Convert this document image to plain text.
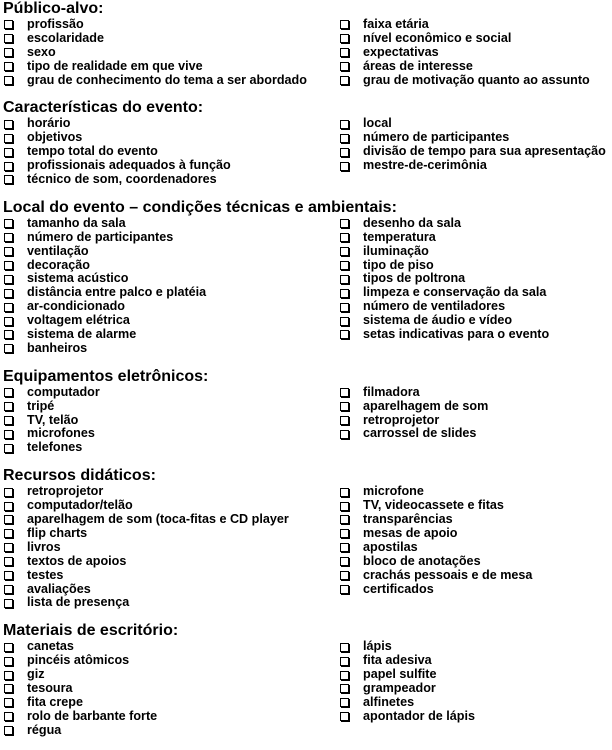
Público-alvo:
profissão
escolaridade
sexo
tipo de realidade em que vive
grau de conhecimento do tema a ser abordado
faixa etária
nível econômico e social
expectativas
áreas de interesse
grau de motivação quanto ao assunto
Características do evento:
horário
objetivos
tempo total do evento
profissionais adequados à função
técnico de som, coordenadores
local
número de participantes
divisão de tempo para sua apresentação
mestre-de-cerimônia
Local do evento – condições técnicas e ambientais:
tamanho da sala
número de participantes
ventilação
decoração
sistema acústico
distância entre palco e platéia
ar-condicionado
voltagem elétrica
sistema de alarme
banheiros
desenho da sala
temperatura
iluminação
tipo de piso
tipos de poltrona
limpeza e conservação da sala
número de ventiladores
sistema de áudio e vídeo
setas indicativas para o evento
Equipamentos eletrônicos:
computador
tripé
TV, telão
microfones
telefones
filmadora
aparelhagem de som
retroprojetor
carrossel de slides
Recursos didáticos:
retroprojetor
computador/telão
aparelhagem de som (toca-fitas e CD player
flip charts
livros
textos de apoios
testes
avaliações
lista de presença
microfone
TV, videocassete e fitas
transparências
mesas de apoio
apostilas
bloco de anotações
crachás pessoais e de mesa
certificados
Materiais de escritório:
canetas
pincéis atômicos
giz
tesoura
fita crepe
rolo de barbante forte
régua
lápis
fita adesiva
papel sulfite
grampeador
alfinetes
apontador de lápis
